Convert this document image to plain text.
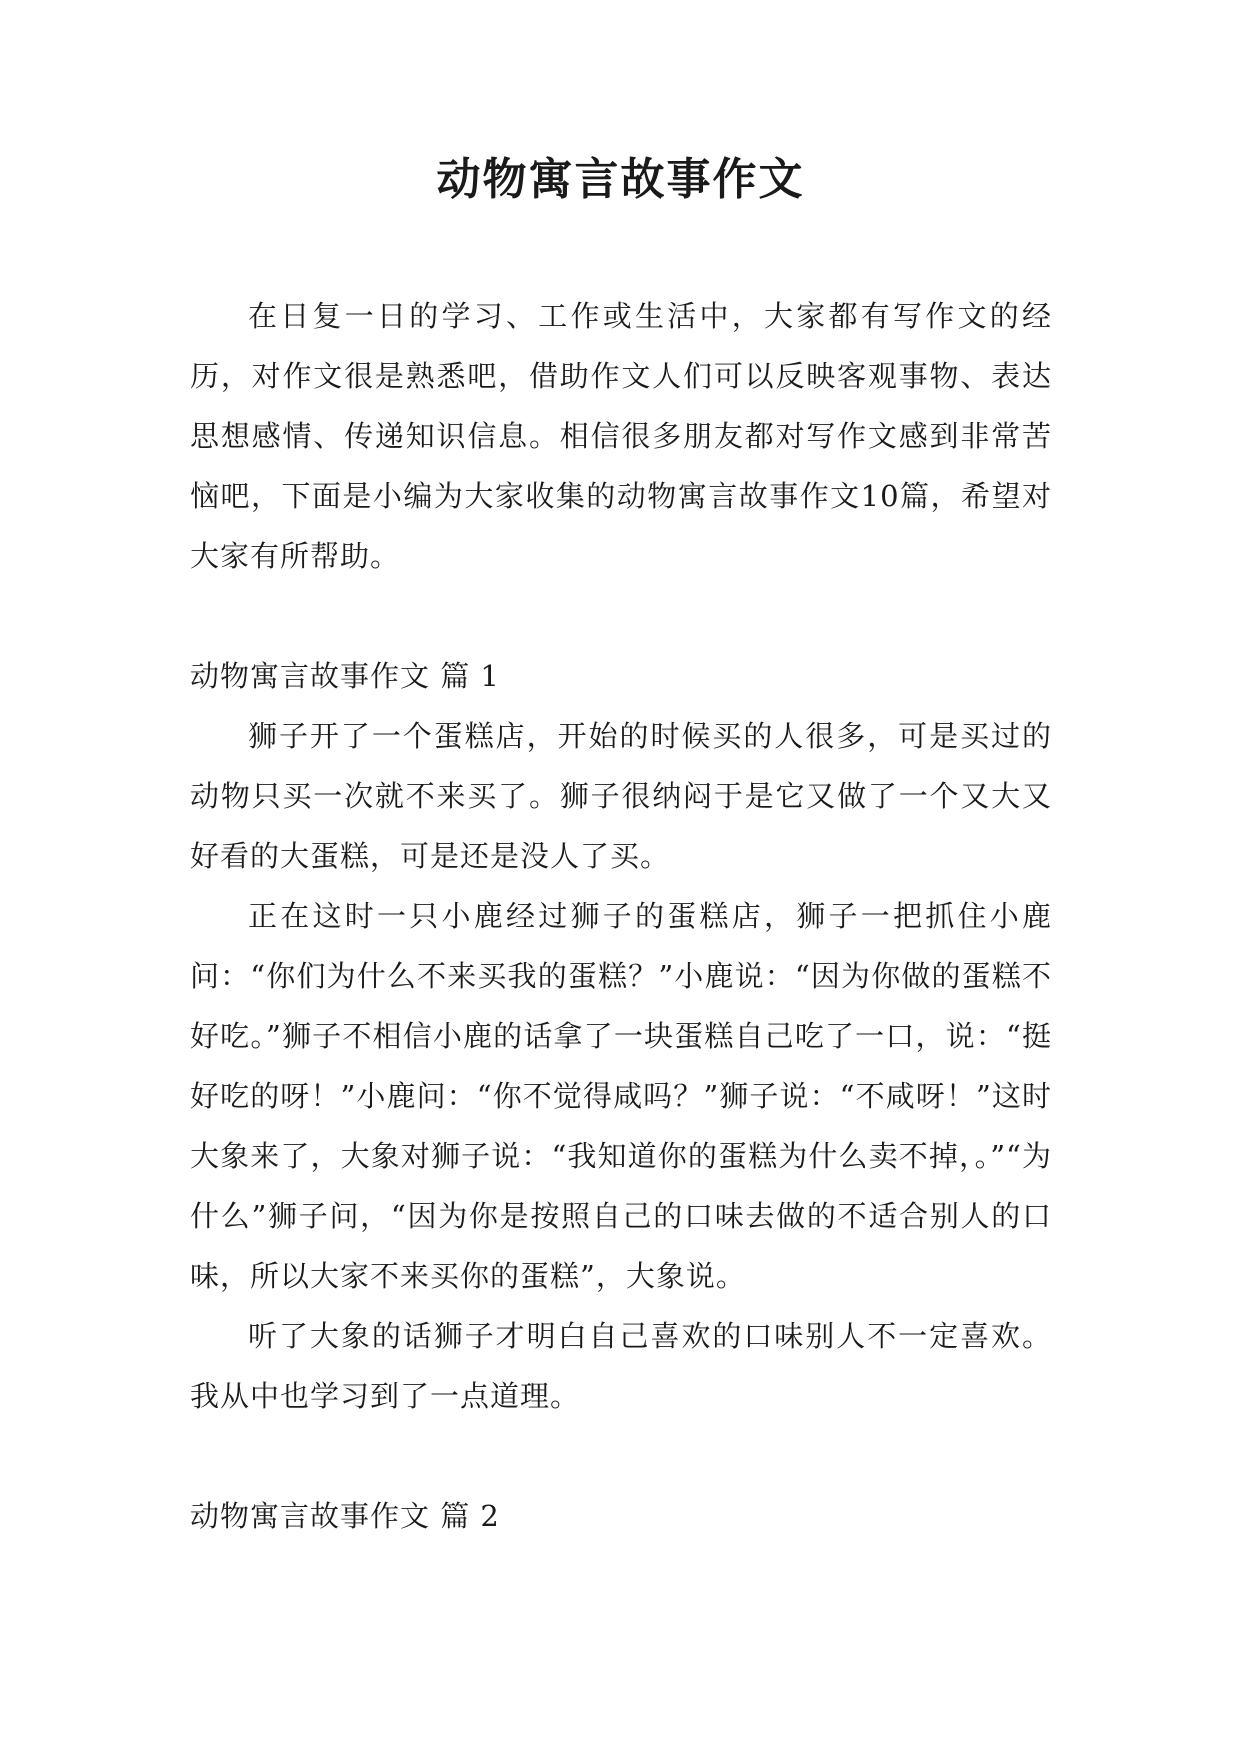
动物寓言故事作文

在日复一日的学习、工作或生活中，大家都有写作文的经历，对作文很是熟悉吧，借助作文人们可以反映客观事物、表达思想感情、传递知识信息。相信很多朋友都对写作文感到非常苦恼吧，下面是小编为大家收集的动物寓言故事作文10篇，希望对大家有所帮助。

动物寓言故事作文 篇 1

狮子开了一个蛋糕店，开始的时候买的人很多，可是买过的动物只买一次就不来买了。狮子很纳闷于是它又做了一个又大又好看的大蛋糕，可是还是没人了买。

正在这时一只小鹿经过狮子的蛋糕店，狮子一把抓住小鹿问：“你们为什么不来买我的蛋糕？”小鹿说：“因为你做的蛋糕不好吃。”狮子不相信小鹿的话拿了一块蛋糕自己吃了一口，说：“挺好吃的呀！”小鹿问：“你不觉得咸吗？”狮子说：“不咸呀！”这时大象来了，大象对狮子说：“我知道你的蛋糕为什么卖不掉，。”“为什么”狮子问，“因为你是按照自己的口味去做的不适合别人的口味，所以大家不来买你的蛋糕”，大象说。

听了大象的话狮子才明白自己喜欢的口味别人不一定喜欢。我从中也学习到了一点道理。

动物寓言故事作文 篇 2
